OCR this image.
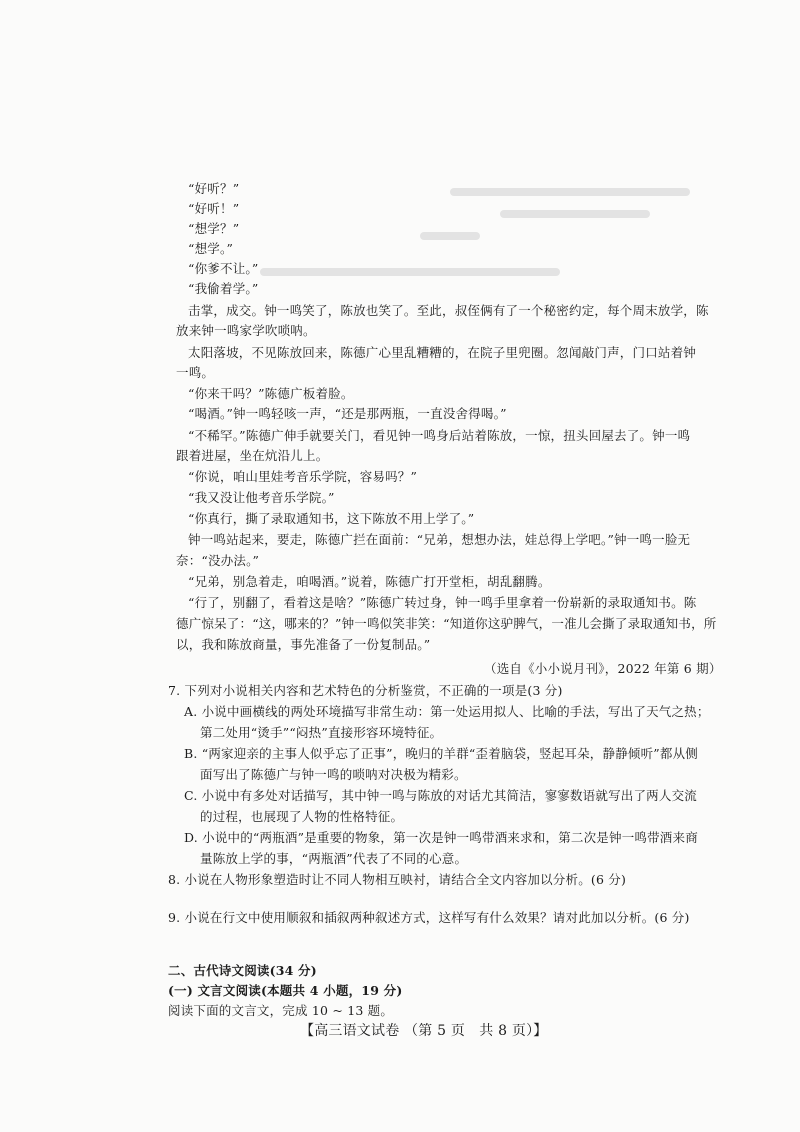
“好听？”
“好听！”
“想学？”
“想学。”
“你爹不让。”
“我偷着学。”
击掌，成交。钟一鸣笑了，陈放也笑了。至此，叔侄俩有了一个秘密约定，每个周末放学，陈
放来钟一鸣家学吹唢呐。
太阳落坡，不见陈放回来，陈德广心里乱糟糟的，在院子里兜圈。忽闻敲门声，门口站着钟
一鸣。
“你来干吗？”陈德广板着脸。
“喝酒。”钟一鸣轻咳一声，“还是那两瓶，一直没舍得喝。”
“不稀罕。”陈德广伸手就要关门，看见钟一鸣身后站着陈放，一惊，扭头回屋去了。钟一鸣
跟着进屋，坐在炕沿儿上。
“你说，咱山里娃考音乐学院，容易吗？”
“我又没让他考音乐学院。”
“你真行，撕了录取通知书，这下陈放不用上学了。”
钟一鸣站起来，要走，陈德广拦在面前：“兄弟，想想办法，娃总得上学吧。”钟一鸣一脸无
奈：“没办法。”
“兄弟，别急着走，咱喝酒。”说着，陈德广打开堂柜，胡乱翻腾。
“行了，别翻了，看着这是啥？”陈德广转过身，钟一鸣手里拿着一份崭新的录取通知书。陈
德广惊呆了：“这，哪来的？”钟一鸣似笑非笑：“知道你这驴脾气，一准儿会撕了录取通知书，所
以，我和陈放商量，事先准备了一份复制品。”
（选自《小小说月刊》，2022 年第 6 期）
7. 下列对小说相关内容和艺术特色的分析鉴赏，不正确的一项是(3 分)
A. 小说中画横线的两处环境描写非常生动：第一处运用拟人、比喻的手法，写出了天气之热；
第二处用“烫手”“闷热”直接形容环境特征。
B. “两家迎亲的主事人似乎忘了正事”，晚归的羊群“歪着脑袋，竖起耳朵，静静倾听”都从侧
面写出了陈德广与钟一鸣的唢呐对决极为精彩。
C. 小说中有多处对话描写，其中钟一鸣与陈放的对话尤其简洁，寥寥数语就写出了两人交流
的过程，也展现了人物的性格特征。
D. 小说中的“两瓶酒”是重要的物象，第一次是钟一鸣带酒来求和，第二次是钟一鸣带酒来商
量陈放上学的事，“两瓶酒”代表了不同的心意。
8. 小说在人物形象塑造时让不同人物相互映衬，请结合全文内容加以分析。(6 分)
9. 小说在行文中使用顺叙和插叙两种叙述方式，这样写有什么效果？请对此加以分析。(6 分)
二、古代诗文阅读(34 分)
(一) 文言文阅读(本题共 4 小题，19 分)
阅读下面的文言文，完成 10 ~ 13 题。
【高三语文试卷 （第 5 页　共 8 页）】
